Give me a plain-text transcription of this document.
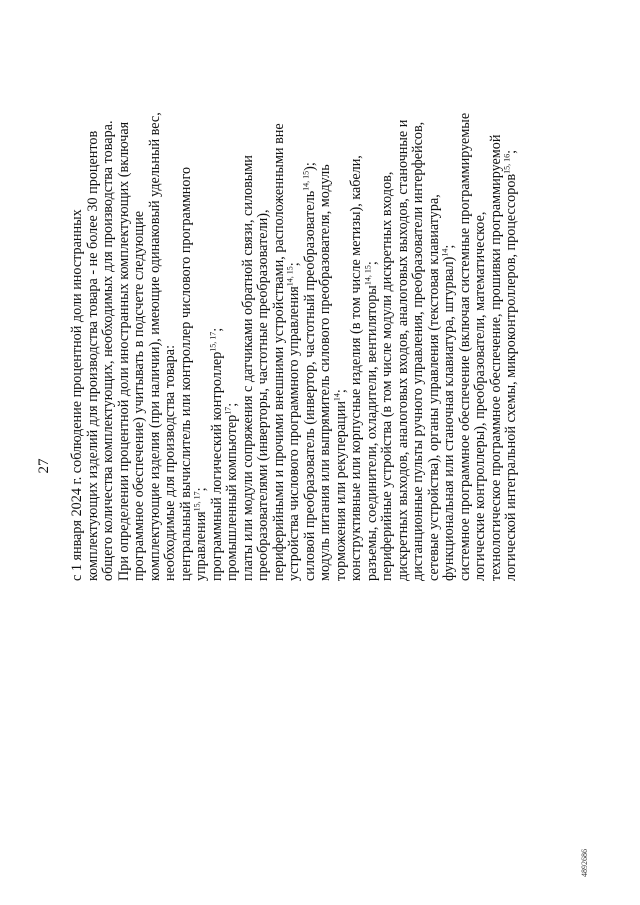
27 с 1 января 2024 г. соблюдение процентной доли иностранных комплектующих изделий для производства товара - не более 30 процентов общего количества комплектующих, необходимых для производства товара. При определении процентной доли иностранных комплектующих (включая программное обеспечение) учитывать в подсчете следующие комплектующие изделия (при наличии), имеющие одинаковый удельный вес, необходимые для производства товара: центральный вычислитель или контроллер числового программного управления$^{15, 17}$; программный логический контроллер$^{15, 17}$;
промышленный компьютер$^{17}$; платы или модули сопряжения с датчиками обратной связи, силовыми преобразователями (инверторы, частотные преобразователи), периферийными и прочими внешними устройствами, расположенными вне устройства числового программного управления$^{14, 15}$; силовой преобразователь (инвертор, частотный преобразователь$^{14, 15}$); модуль питания или выпрямитель силового преобразователя, модуль торможения или рекуперации$^{14}$; конструктивные или корпусные изделия (в том числе метизы), кабели, разъемы, соединители, охладители, вентиляторы$^{14, 15}$; периферийные устройства (в том числе модули дискретных входов, дискретных выходов, аналоговых входов, аналоговых выходов, станочные и дистанционные пульты ручного управления, преобразователи интерфейсов, сетевые устройства), органы управления (текстовая клавиатура, функциональная или станочная клавиатура, штурвал)$^{14}$; системное программное обеспечение (включая системные программируемые логические контроллеры), преобразователи, математическое, технологическое программное обеспечение, прошивки программируемой логической интегральной схемы, микроконтроллеров, процессоров$^{15, 16}$;
4892686
